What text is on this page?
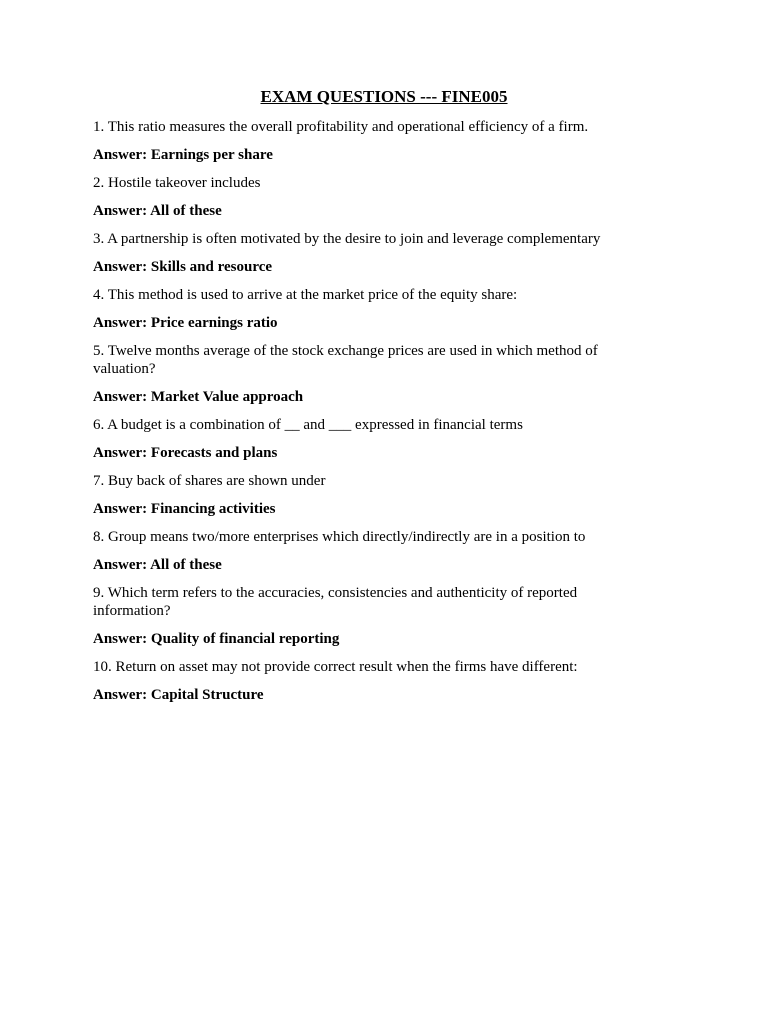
EXAM QUESTIONS --- FINE005

1. This ratio measures the overall profitability and operational efficiency of a firm.

Answer: Earnings per share

2. Hostile takeover includes

Answer: All of these

3. A partnership is often motivated by the desire to join and leverage complementary

Answer: Skills and resource

4. This method is used to arrive at the market price of the equity share:

Answer: Price earnings ratio

5. Twelve months average of the stock exchange prices are used in which method of valuation?

Answer: Market Value approach

6. A budget is a combination of __ and ___ expressed in financial terms

Answer: Forecasts and plans

7. Buy back of shares are shown under

Answer: Financing activities

8. Group means two/more enterprises which directly/indirectly are in a position to

Answer: All of these

9. Which term refers to the accuracies, consistencies and authenticity of reported information?

Answer: Quality of financial reporting

10. Return on asset may not provide correct result when the firms have different:

Answer: Capital Structure
